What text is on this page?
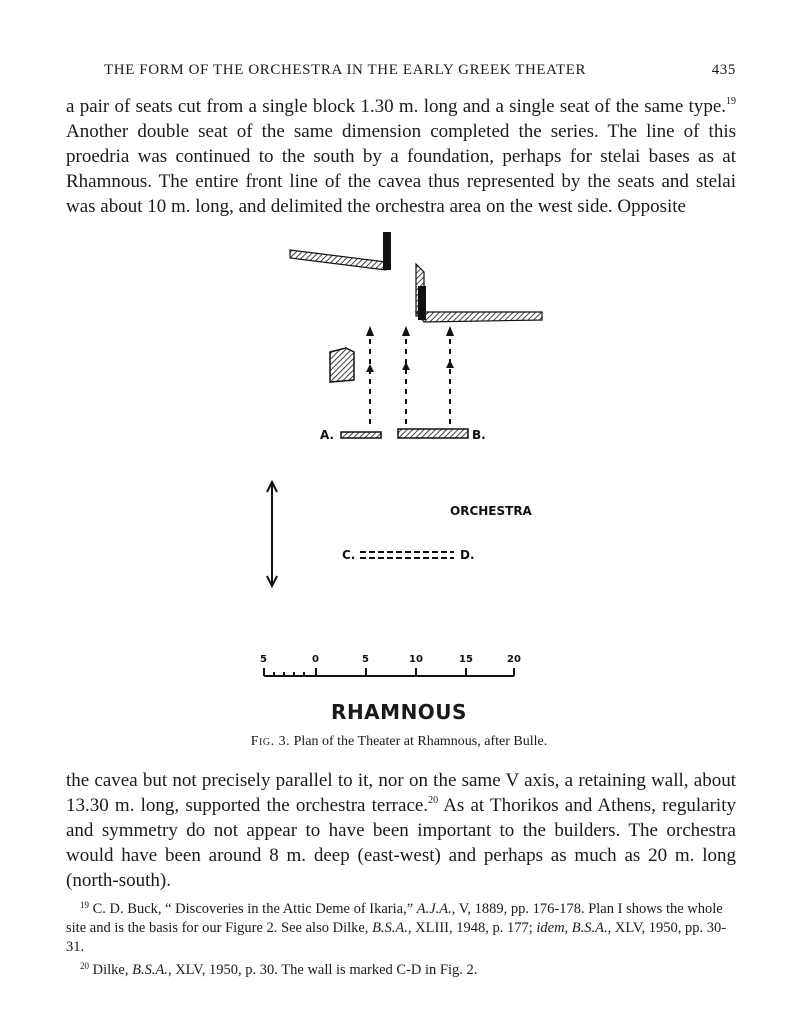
THE FORM OF THE ORCHESTRA IN THE EARLY GREEK THEATER	435

a pair of seats cut from a single block 1.30 m. long and a single seat of the same type.$^{19}$ Another double seat of the same dimension completed the series. The line of this proedria was continued to the south by a foundation, perhaps for stelai bases as at Rhamnous. The entire front line of the cavea thus represented by the seats and stelai was about 10 m. long, and delimited the orchestra area on the west side. Opposite

A.	B.
ORCHESTRA
C.	D.
5	0	5	10	15	20
RHAMNOUS
Fig. 3. Plan of the Theater at Rhamnous, after Bulle.

the cavea but not precisely parallel to it, nor on the same V axis, a retaining wall, about 13.30 m. long, supported the orchestra terrace.$^{20}$ As at Thorikos and Athens, regularity and symmetry do not appear to have been important to the builders. The orchestra would have been around 8 m. deep (east-west) and perhaps as much as 20 m. long (north-south).

$^{19}$ C. D. Buck, “ Discoveries in the Attic Deme of Ikaria,” A.J.A., V, 1889, pp. 176-178. Plan I shows the whole site and is the basis for our Figure 2. See also Dilke, B.S.A., XLIII, 1948, p. 177; idem, B.S.A., XLV, 1950, pp. 30-31.

$^{20}$ Dilke, B.S.A., XLV, 1950, p. 30. The wall is marked C-D in Fig. 2.
